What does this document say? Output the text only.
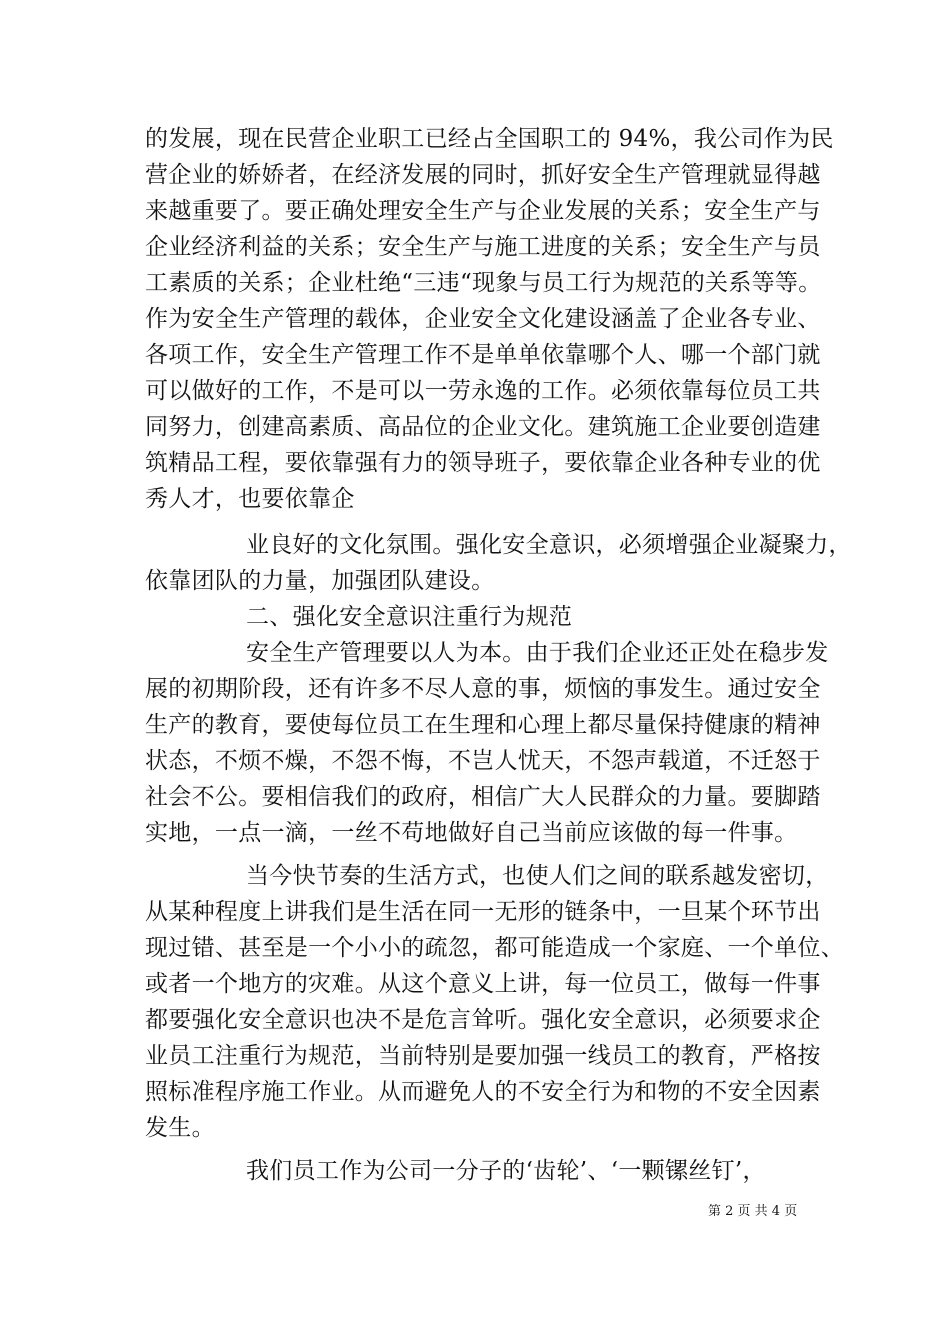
的发展，现在民营企业职工已经占全国职工的 94%，我公司作为民

营企业的娇娇者，在经济发展的同时，抓好安全生产管理就显得越

来越重要了。要正确处理安全生产与企业发展的关系；安全生产与

企业经济利益的关系；安全生产与施工进度的关系；安全生产与员

工素质的关系；企业杜绝“三违“现象与员工行为规范的关系等等。

作为安全生产管理的载体，企业安全文化建设涵盖了企业各专业、

各项工作，安全生产管理工作不是单单依靠哪个人、哪一个部门就

可以做好的工作，不是可以一劳永逸的工作。必须依靠每位员工共

同努力，创建高素质、高品位的企业文化。建筑施工企业要创造建

筑精品工程，要依靠强有力的领导班子，要依靠企业各种专业的优

秀人才，也要依靠企

业良好的文化氛围。强化安全意识，必须增强企业凝聚力，

依靠团队的力量，加强团队建设。

二、强化安全意识注重行为规范

安全生产管理要以人为本。由于我们企业还正处在稳步发

展的初期阶段，还有许多不尽人意的事，烦恼的事发生。通过安全

生产的教育，要使每位员工在生理和心理上都尽量保持健康的精神

状态，不烦不燥，不怨不悔，不岂人忧天，不怨声载道，不迁怒于

社会不公。要相信我们的政府，相信广大人民群众的力量。要脚踏

实地，一点一滴，一丝不苟地做好自己当前应该做的每一件事。

当今快节奏的生活方式，也使人们之间的联系越发密切，

从某种程度上讲我们是生活在同一无形的链条中，一旦某个环节出

现过错、甚至是一个小小的疏忽，都可能造成一个家庭、一个单位、

或者一个地方的灾难。从这个意义上讲，每一位员工，做每一件事

都要强化安全意识也决不是危言耸听。强化安全意识，必须要求企

业员工注重行为规范，当前特别是要加强一线员工的教育，严格按

照标准程序施工作业。从而避免人的不安全行为和物的不安全因素

发生。

我们员工作为公司一分子的‘齿轮’、‘一颗镙丝钉’，

第 2 页 共 4 页
